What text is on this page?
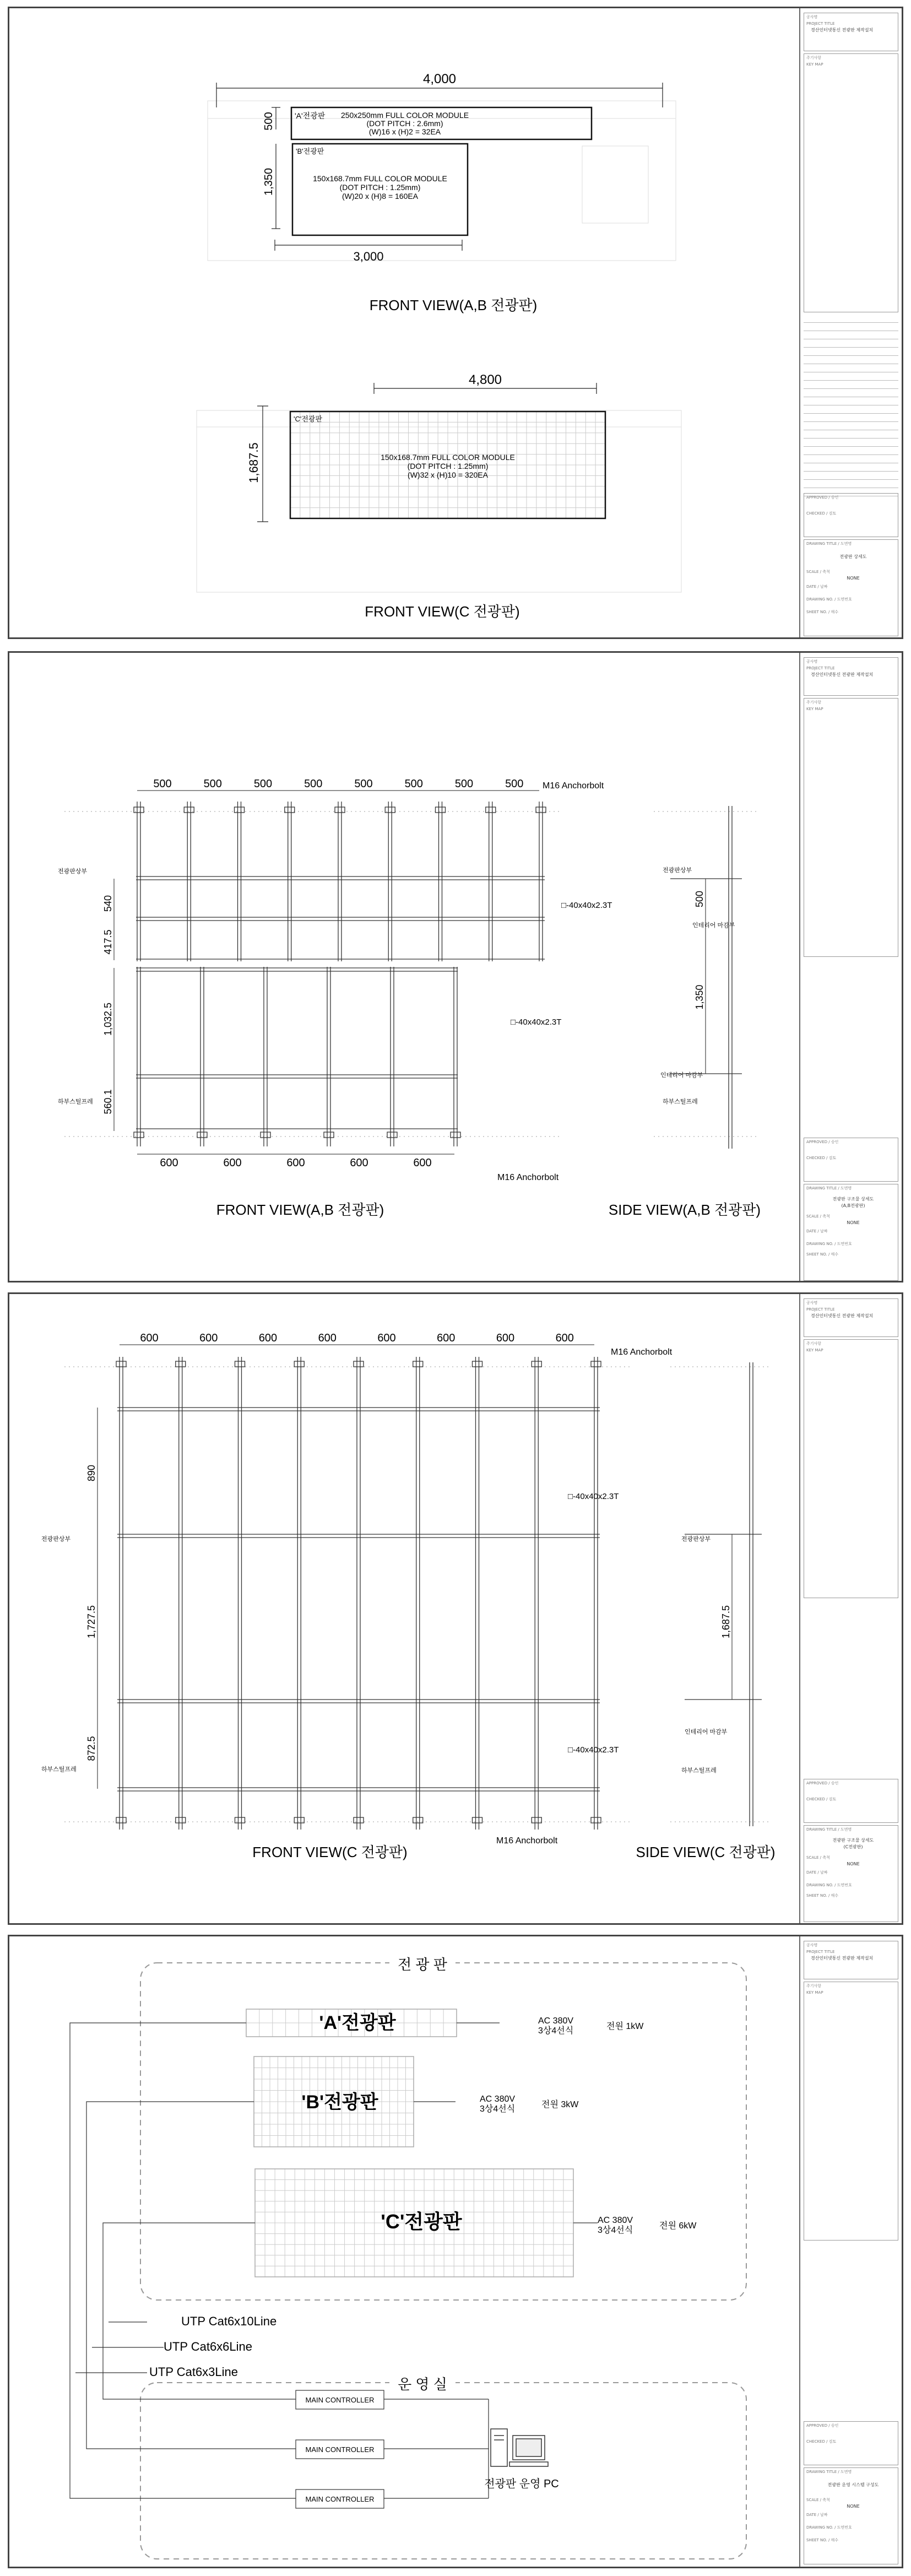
4,000
3,000
500
1,350
4,800
1,687.5
'A'전광판 250x250mm FULL COLOR MODULE
(DOT PITCH : 2.6mm)
(W)16 x (H)2 = 32EA
'B'전광판
150x168.7mm FULL COLOR MODULE
(DOT PITCH : 1.25mm)
(W)20 x (H)8 = 160EA
'C'전광판
150x168.7mm FULL COLOR MODULE
(DOT PITCH : 1.25mm)
(W)32 x (H)10 = 320EA
FRONT VIEW(A,B 전광판)
FRONT VIEW(C 전광판)
공사명
PROJECT TITLE
경산인터넷통신 전광판 제작설치
주기사항
KEY MAP
APPROVED / 승인
CHECKED / 검토
DRAWING TITLE / 도면명
전광판 상세도
SCALE / 축척
NONE
DATE / 날짜
DRAWING NO. / 도면번호
SHEET NO. / 매수
500	500	500	500	500	500	500	500
600	600	600	600	600
M16 Anchorbolt
M16 Anchorbolt
□-40x40x2.3T
□-40x40x2.3T
540
417.5
1,032.5
560.1
500
1,350
전광판상부
하부스틸프레
전광판상부
인테리어 마감부
인테리어 마감부
하부스틸프레
FRONT VIEW(A,B 전광판)	SIDE VIEW(A,B 전광판)
공사명
PROJECT TITLE
경산인터넷통신 전광판 제작설치
주기사항
KEY MAP
APPROVED / 승인
CHECKED / 검토
DRAWING TITLE / 도면명
전광판 구조물 상세도
(A,B전광판)
SCALE / 축척
NONE
DATE / 날짜
DRAWING NO. / 도면번호
SHEET NO. / 매수
600	600	600	600	600	600	600	600
M16 Anchorbolt
M16 Anchorbolt
□-40x40x2.3T
□-40x40x2.3T
890
1,727.5
872.5
1,687.5
전광판상부
하부스틸프레
전광판상부
인테리어 마감부
하부스틸프레
FRONT VIEW(C 전광판)	SIDE VIEW(C 전광판)
공사명
PROJECT TITLE
경산인터넷통신 전광판 제작설치
주기사항
KEY MAP
APPROVED / 승인
CHECKED / 검토
DRAWING TITLE / 도면명
전광판 구조물 상세도
(C전광판)
SCALE / 축척
NONE
DATE / 날짜
DRAWING NO. / 도면번호
SHEET NO. / 매수
전 광 판
운 영 실
'A'전광판
'B'전광판
'C'전광판
AC 380V
3상4선식	전원 1kW
AC 380V
3상4선식	전원 3kW
AC 380V
3상4선식	전원 6kW
UTP Cat6x10Line
UTP Cat6x6Line
UTP Cat6x3Line
MAIN CONTROLLER
MAIN CONTROLLER
MAIN CONTROLLER
전광판 운영 PC
공사명
PROJECT TITLE
경산인터넷통신 전광판 제작설치
주기사항
KEY MAP
APPROVED / 승인
CHECKED / 검토
DRAWING TITLE / 도면명
전광판 운영 시스템 구성도
SCALE / 축척
NONE
DATE / 날짜
DRAWING NO. / 도면번호
SHEET NO. / 매수
